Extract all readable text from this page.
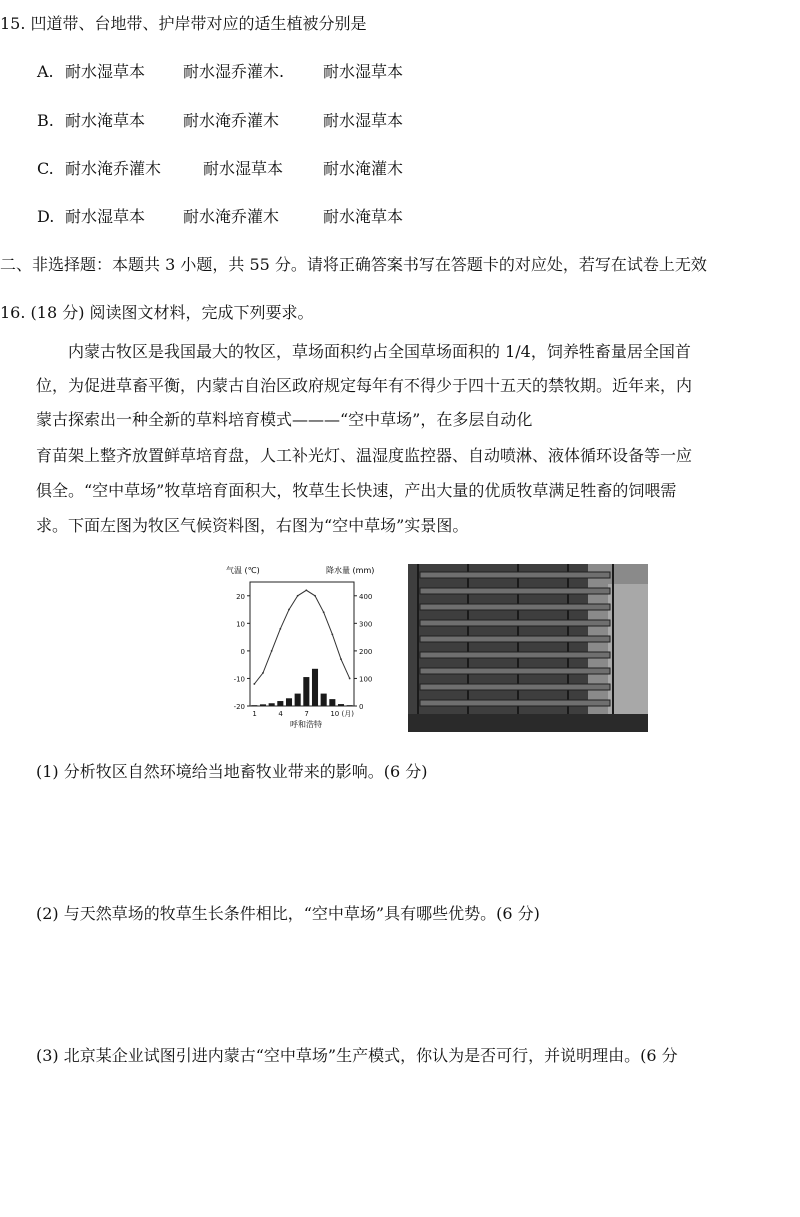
15. 凹道带、台地带、护岸带对应的适生植被分别是
A. 耐水湿草本 耐水湿乔灌木. 耐水湿草本
B. 耐水淹草本 耐水淹乔灌木	耐水湿草本
C. 耐水淹乔灌木	耐水湿草本 耐水淹灌木
D. 耐水湿草本 耐水淹乔灌木	耐水淹草本
二、非选择题：本题共 3 小题，共 55 分。请将正确答案书写在答题卡的对应处，若写在试卷上无效
16. (18 分) 阅读图文材料，完成下列要求。
内蒙古牧区是我国最大的牧区，草场面积约占全国草场面积的 1/4，饲养牲畜量居全国首
位，为促进草畜平衡，内蒙古自治区政府规定每年有不得少于四十五天的禁牧期。近年来，内
蒙古探索出一种全新的草料培育模式———“空中草场”，在多层自动化
育苗架上整齐放置鲜草培育盘，人工补光灯、温湿度监控器、自动喷淋、液体循环设备等一应
俱全。“空中草场”牧草培育面积大，牧草生长快速，产出大量的优质牧草满足牲畜的饲喂需
求。下面左图为牧区气候资料图，右图为“空中草场”实景图。
气温 (℃)	降水量 (mm)
20
10
0
-10
-20
400
300
200
100
0
1	4	7	10 (月)
呼和浩特
(1) 分析牧区自然环境给当地畜牧业带来的影响。(6 分)
(2) 与天然草场的牧草生长条件相比，“空中草场”具有哪些优势。(6 分)
(3) 北京某企业试图引进内蒙古“空中草场”生产模式，你认为是否可行，并说明理由。(6 分
